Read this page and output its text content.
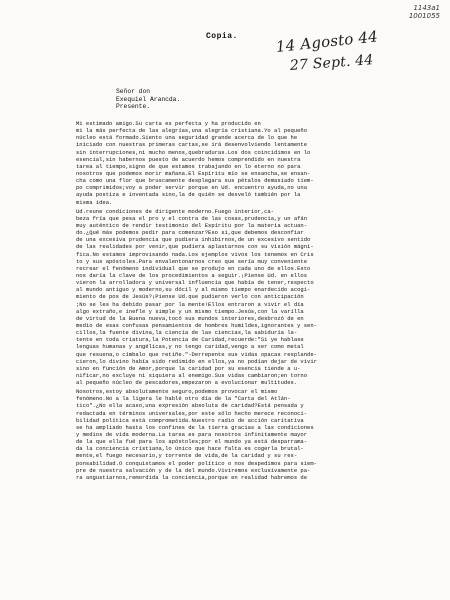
1143a1
1001055
Copia. 14 Agosto 44
27 Sept. 44
Señor don
Exequiel Arancda.
Presente.
Mi estimado amigo.Su carta es perfecta y ha producido en
mi la más perfecta de las alegrías,una alegría cristiana.Yo al pequeño
núcleo está formado.Siento una seguridad grande acerca de lo que he
iniciado con nuestras primeras cartas,se irá desenvolviendo lentamente
sin interrupciones,ni mucho menos,quebraduras.Los dos coincidimos en lo
esencial,sin habernos puesto de acuerdo hemos comprendido en nuestra
tarea al tiempo,signo de que estamos trabajando en lo eterno no para
nosotros que podemos morir mañana.El Espíritu mío se ensancha,se ensan-
cha como una flor que bruscamente desplegara sus pétalos demasiado tiem-
po comprimidos;voy a poder servir porque en Ud. encuentro ayuda,no una
ayuda postiza e inventada sino,la de quién se desveló también por la
misma idea.
Ud.reune condiciones de dirigente moderno.Fuego interior,ca-
beza fría que pesa el pro y el contra de las cosas,prudencia,y un afán
muy auténtico de rendir testimonio del Espíritu por la materia actuan-
do.¿Qué más podemos pedir para comenzar?Eso si,que debemos desconfiar
de una excesiva prudencia que pudiera inhibirnos,de un excesivo sentido
de las realidades por venir,que pudiera aplastarnos con su visión mágni-
fica.No estamos improvisando nada.Los ejemplos vivos los tenemos en Cris
to y sus apóstoles.Para envalentonarnos creo que sería muy conveniente
recrear el fenómeno individual que se produjo en cada uno de ellos.Esto
nos daría la clave de los procedimientos a seguir.¡Piense Ud. en ellos
vieron la arrolladora y universal influencia que había de tener,respecto
al mundo antiguo y moderno,su dócil y al mismo tiempo enardecido acogi-
miento de pos de Jesús?¡Piense Ud.que pudieron verlo con anticipación
;No se les ha debido pasar por la mente!Ellos entraron a vivir el día
algo extraño,e inefle y simple y un mismo tiempo.Jesús,con la varilla
de virtud de la Buena nueva,tocó sus mundos interiores,desbrozó de en
medio de esas confusas pensamientos de hombres humildes,ignorantes y sen-
cillos,la fuente divina,la ciencia de las ciencias,la sabiduría la-
tente en toda criatura,la Potencia de Caridad,recuerde:"Si ye hablase
lenguas humanas y angélicas,y no tengo caridad,vengo a ser como metal
que resuena,o címbalo que retiñe."-Derrepente sus vidas opacas resplande-
cieron,lo divino había sido redimido en ellos,ya no podían dejar de vivir
sino en función de Amor,porque la caridad por su esencia tiende a u-
nificar,no excluye ni siquiera al enemigo.Sus vidas cambiaron;en torno
al pequeño núcleo de pescadores,empezaron a evolucionar multitudes.
Nosotros,estoy absolutamente seguro,podemos provocar el mismo
fenómeno.No a la ligera le hablé otro día de la "Carta del Atlán-
tico".¿No ella acaso,una expresión absoluta de caridad?Está pensada y
redactada en términos universales,por este sólo hecho merece reconoci-
bilidad política está comprometida.Nuestro radio de acción caritativa
se ha ampliado hasta los confines de la tierra gracias a las condiciones
y medios de vida moderna.La tarea es para nosotros infinitamente mayor
de la que ella fué para los apóstoles;por el mundo ya está desparrama-
da la conciencia cristiana,lo único que hace falta es cogerla brutal-
mente,el fuego necesario,y torrente de vida,de la caridad y su res-
ponsabilidad.O conquistamos el poder político o nos despedimos para siem-
pre de nuestra salvación y de la del mundo.Viviremos exclusivamente pa-
ra angustiarnos,remordida la conciencia,porque en realidad habremos de
